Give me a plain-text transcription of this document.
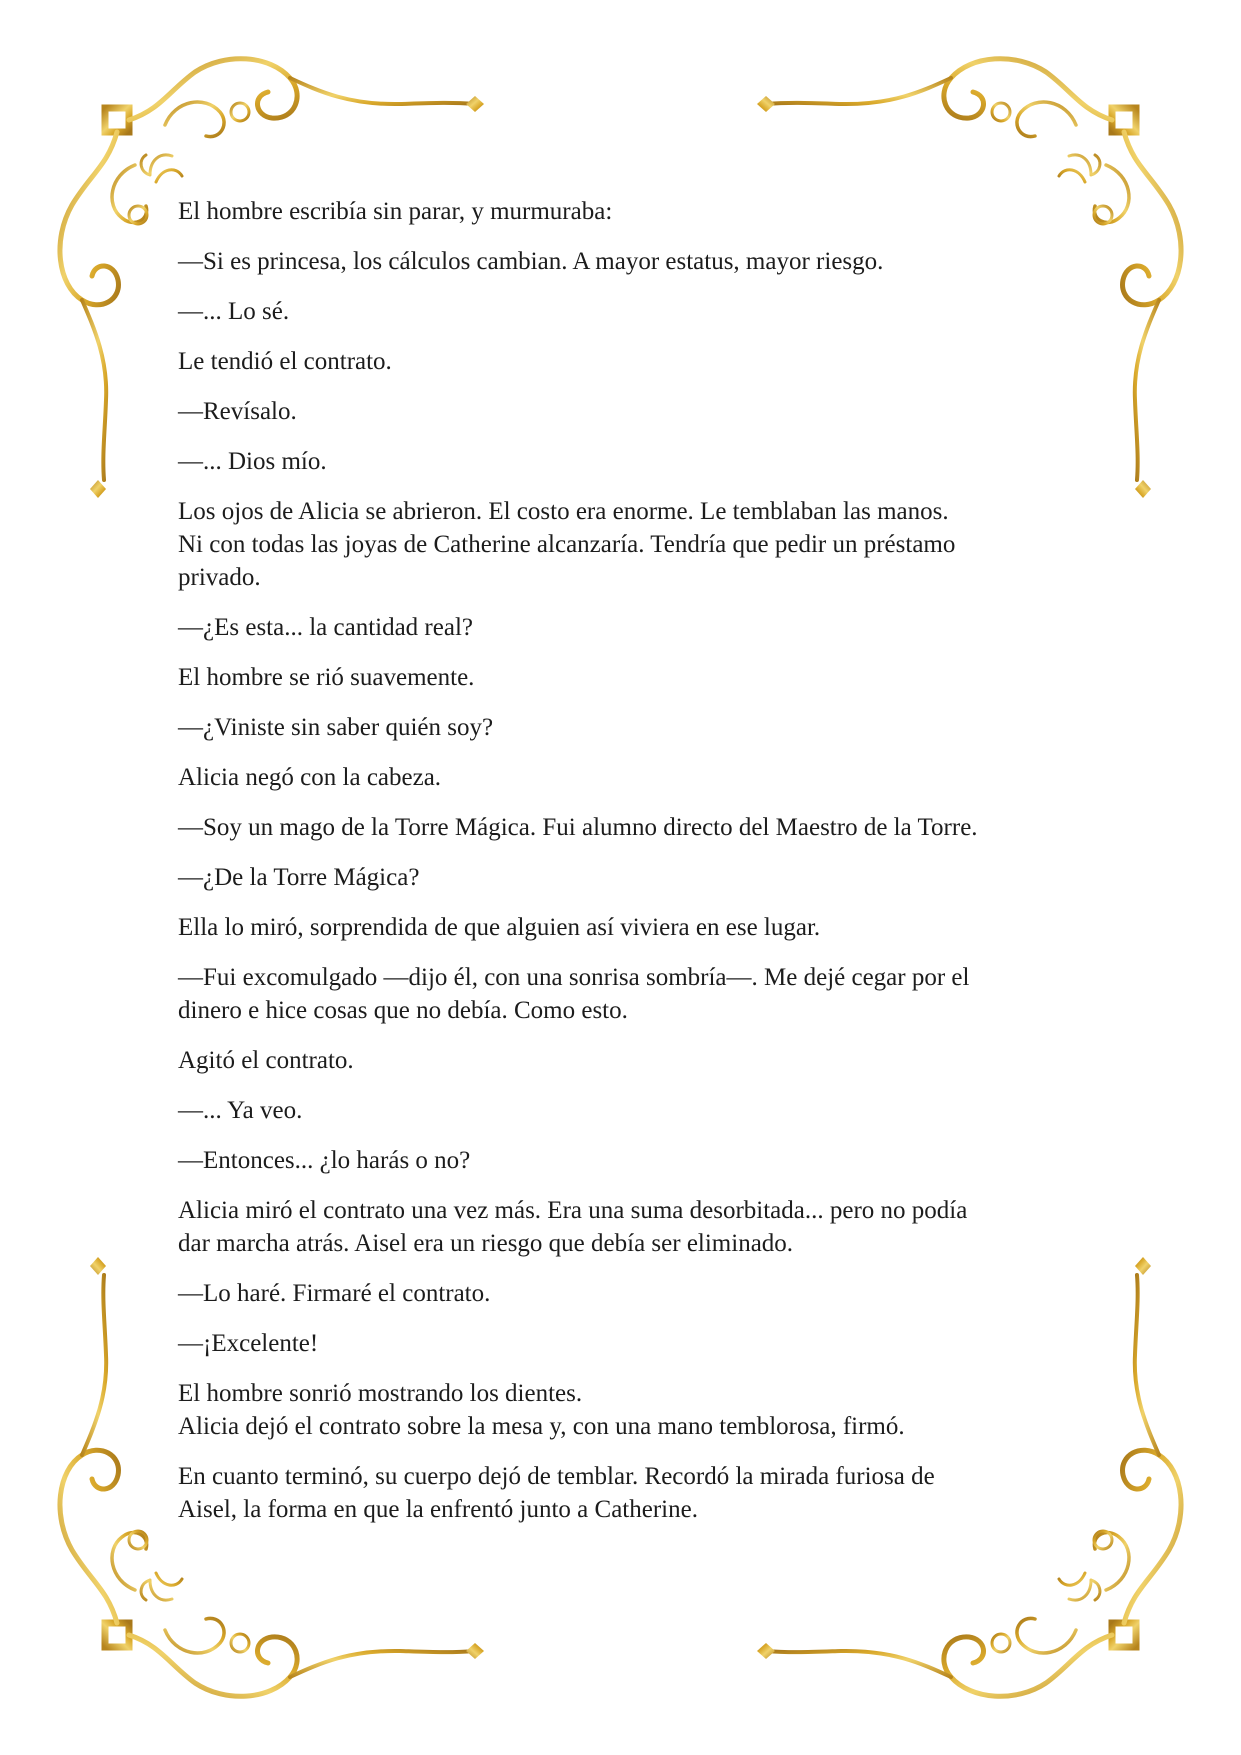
El hombre escribía sin parar, y murmuraba:

—Si es princesa, los cálculos cambian. A mayor estatus, mayor riesgo.

—... Lo sé.

Le tendió el contrato.

—Revísalo.

—... Dios mío.

Los ojos de Alicia se abrieron. El costo era enorme. Le temblaban las manos.
Ni con todas las joyas de Catherine alcanzaría. Tendría que pedir un préstamo
privado.

—¿Es esta... la cantidad real?

El hombre se rió suavemente.

—¿Viniste sin saber quién soy?

Alicia negó con la cabeza.

—Soy un mago de la Torre Mágica. Fui alumno directo del Maestro de la Torre.

—¿De la Torre Mágica?

Ella lo miró, sorprendida de que alguien así viviera en ese lugar.

—Fui excomulgado —dijo él, con una sonrisa sombría—. Me dejé cegar por el
dinero e hice cosas que no debía. Como esto.

Agitó el contrato.

—... Ya veo.

—Entonces... ¿lo harás o no?

Alicia miró el contrato una vez más. Era una suma desorbitada... pero no podía
dar marcha atrás. Aisel era un riesgo que debía ser eliminado.

—Lo haré. Firmaré el contrato.

—¡Excelente!

El hombre sonrió mostrando los dientes.
Alicia dejó el contrato sobre la mesa y, con una mano temblorosa, firmó.

En cuanto terminó, su cuerpo dejó de temblar. Recordó la mirada furiosa de
Aisel, la forma en que la enfrentó junto a Catherine.
